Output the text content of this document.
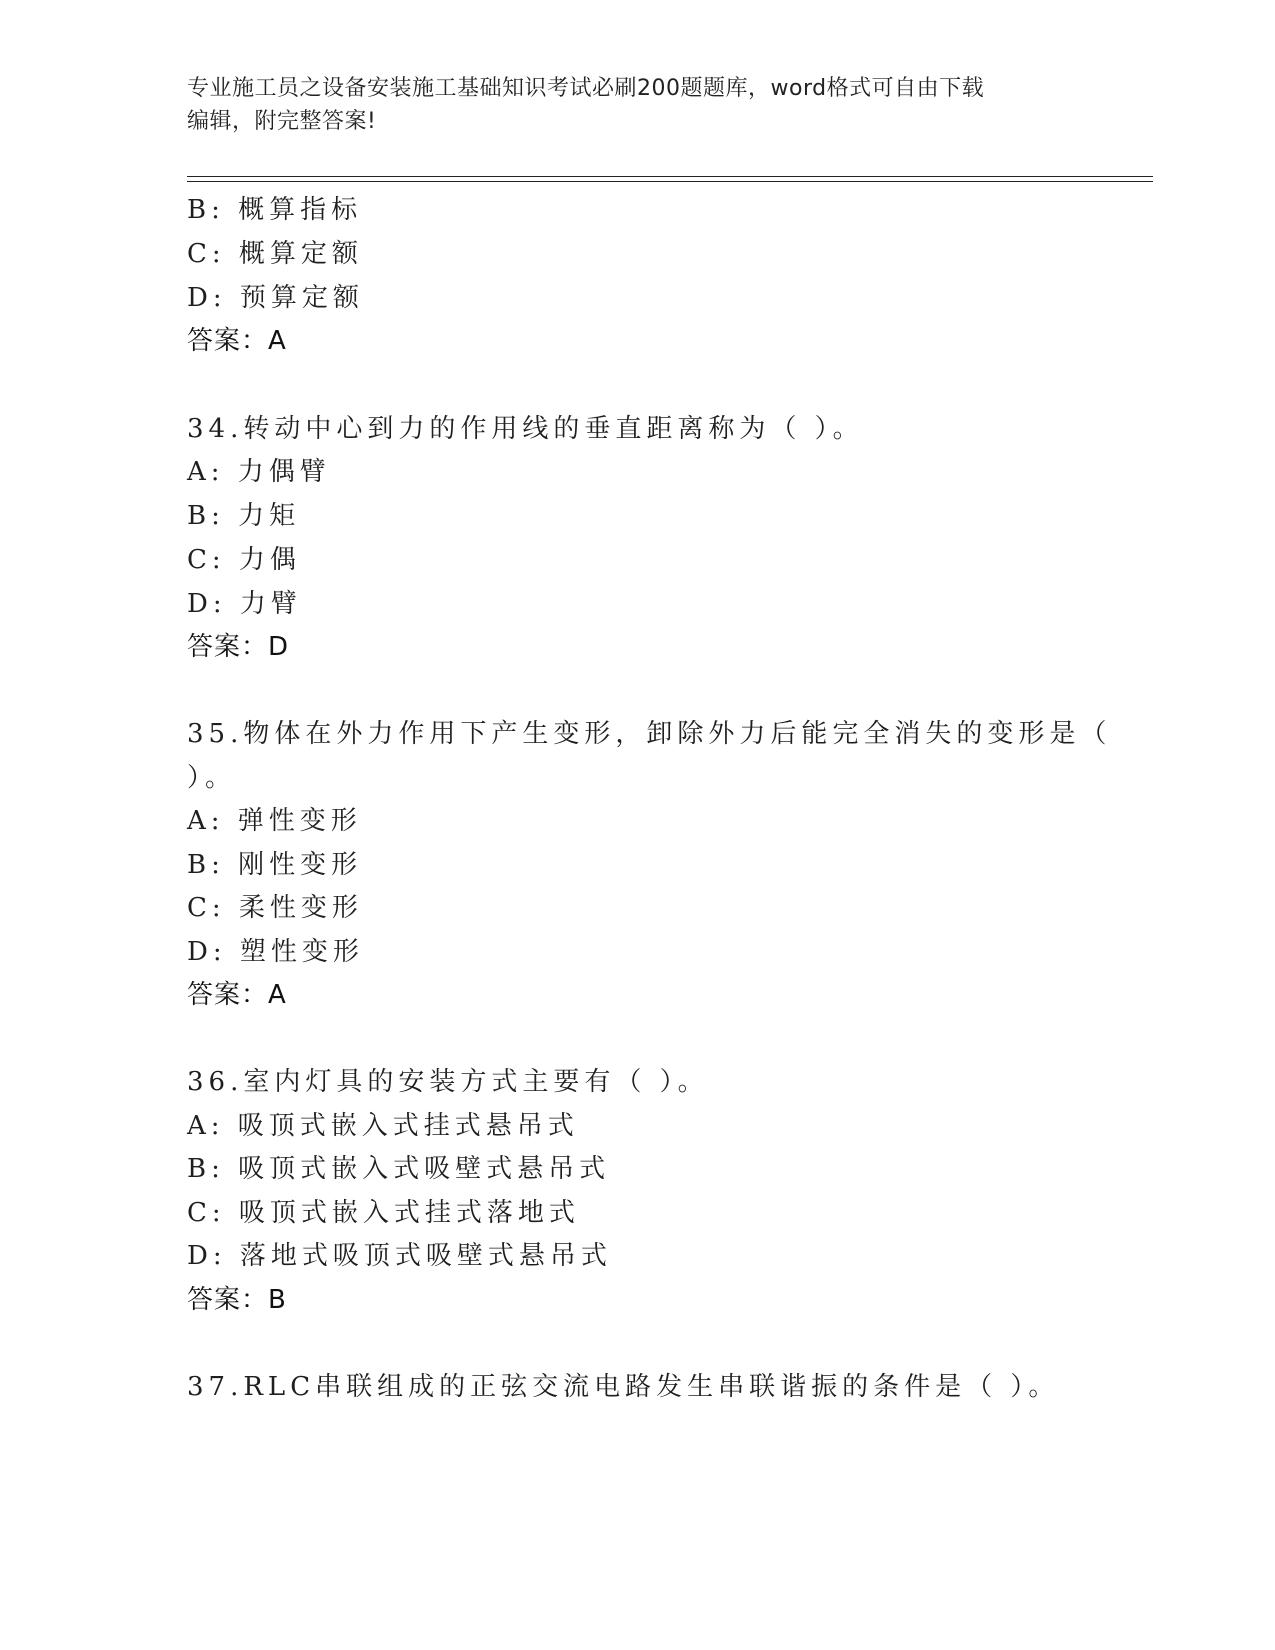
专业施工员之设备安装施工基础知识考试必刷200题题库，word格式可自由下载
编辑，附完整答案!
B: 概算指标
C: 概算定额
D: 预算定额
答案：A
34.转动中心到力的作用线的垂直距离称为（ ）。
A: 力偶臂
B: 力矩
C: 力偶
D: 力臂
答案：D
35.物体在外力作用下产生变形，卸除外力后能完全消失的变形是（
）。
A: 弹性变形
B: 刚性变形
C: 柔性变形
D: 塑性变形
答案：A
36.室内灯具的安装方式主要有（ ）。
A: 吸顶式嵌入式挂式悬吊式
B: 吸顶式嵌入式吸壁式悬吊式
C: 吸顶式嵌入式挂式落地式
D: 落地式吸顶式吸壁式悬吊式
答案：B
37.RLC串联组成的正弦交流电路发生串联谐振的条件是（ ）。
